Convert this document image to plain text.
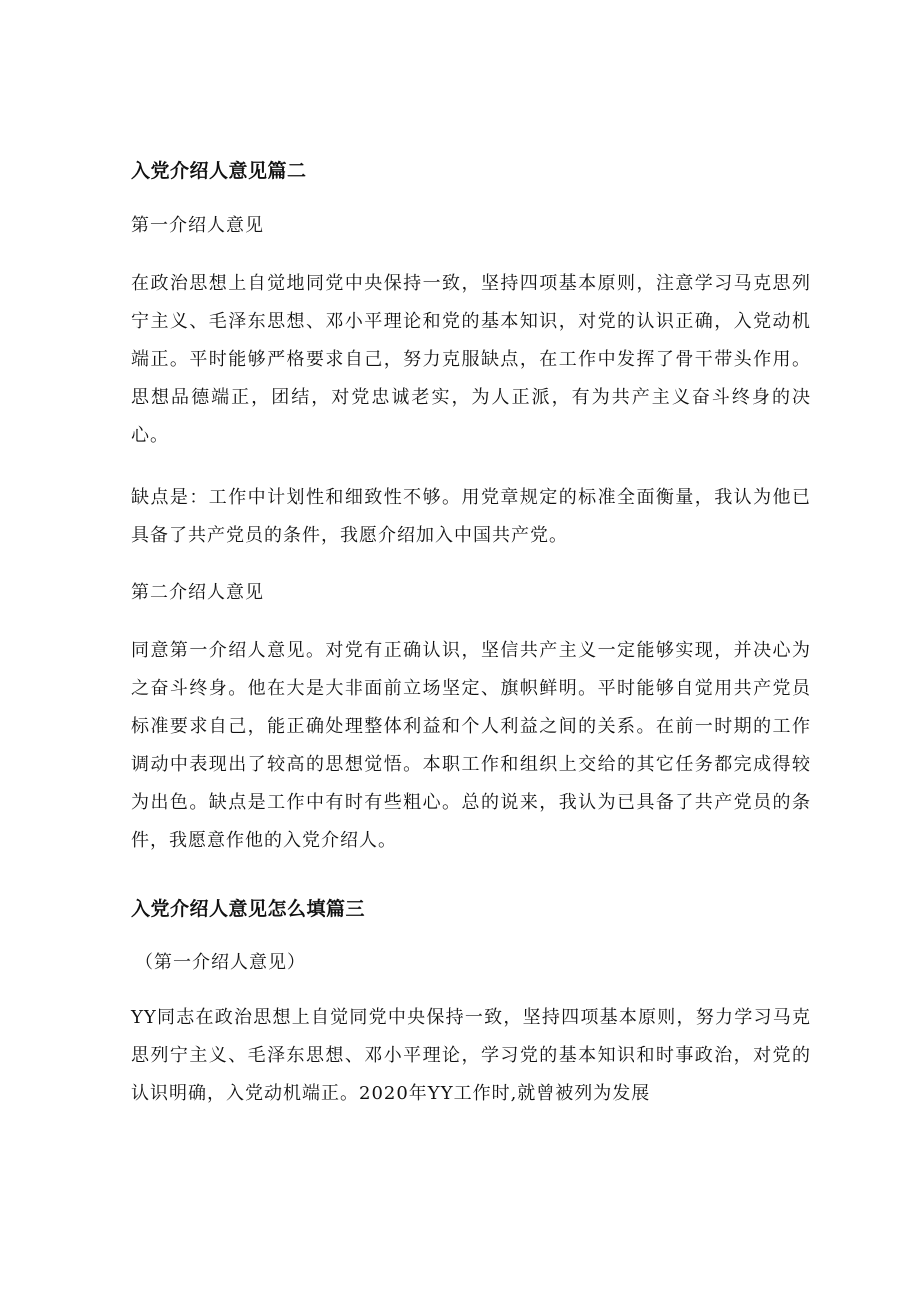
入党介绍人意见篇二

第一介绍人意见

在政治思想上自觉地同党中央保持一致，坚持四项基本原则，注意学习马克思列宁主义、毛泽东思想、邓小平理论和党的基本知识，对党的认识正确，入党动机端正。平时能够严格要求自己，努力克服缺点，在工作中发挥了骨干带头作用。思想品德端正，团结，对党忠诚老实，为人正派，有为共产主义奋斗终身的决心。

缺点是：工作中计划性和细致性不够。用党章规定的标准全面衡量，我认为他已具备了共产党员的条件，我愿介绍加入中国共产党。

第二介绍人意见

同意第一介绍人意见。对党有正确认识，坚信共产主义一定能够实现，并决心为之奋斗终身。他在大是大非面前立场坚定、旗帜鲜明。平时能够自觉用共产党员标准要求自己，能正确处理整体利益和个人利益之间的关系。在前一时期的工作调动中表现出了较高的思想觉悟。本职工作和组织上交给的其它任务都完成得较为出色。缺点是工作中有时有些粗心。总的说来，我认为已具备了共产党员的条件，我愿意作他的入党介绍人。

入党介绍人意见怎么填篇三

（第一介绍人意见）

YY同志在政治思想上自觉同党中央保持一致，坚持四项基本原则，努力学习马克思列宁主义、毛泽东思想、邓小平理论，学习党的基本知识和时事政治，对党的认识明确，入党动机端正。2020年YY工作时,就曾被列为发展
